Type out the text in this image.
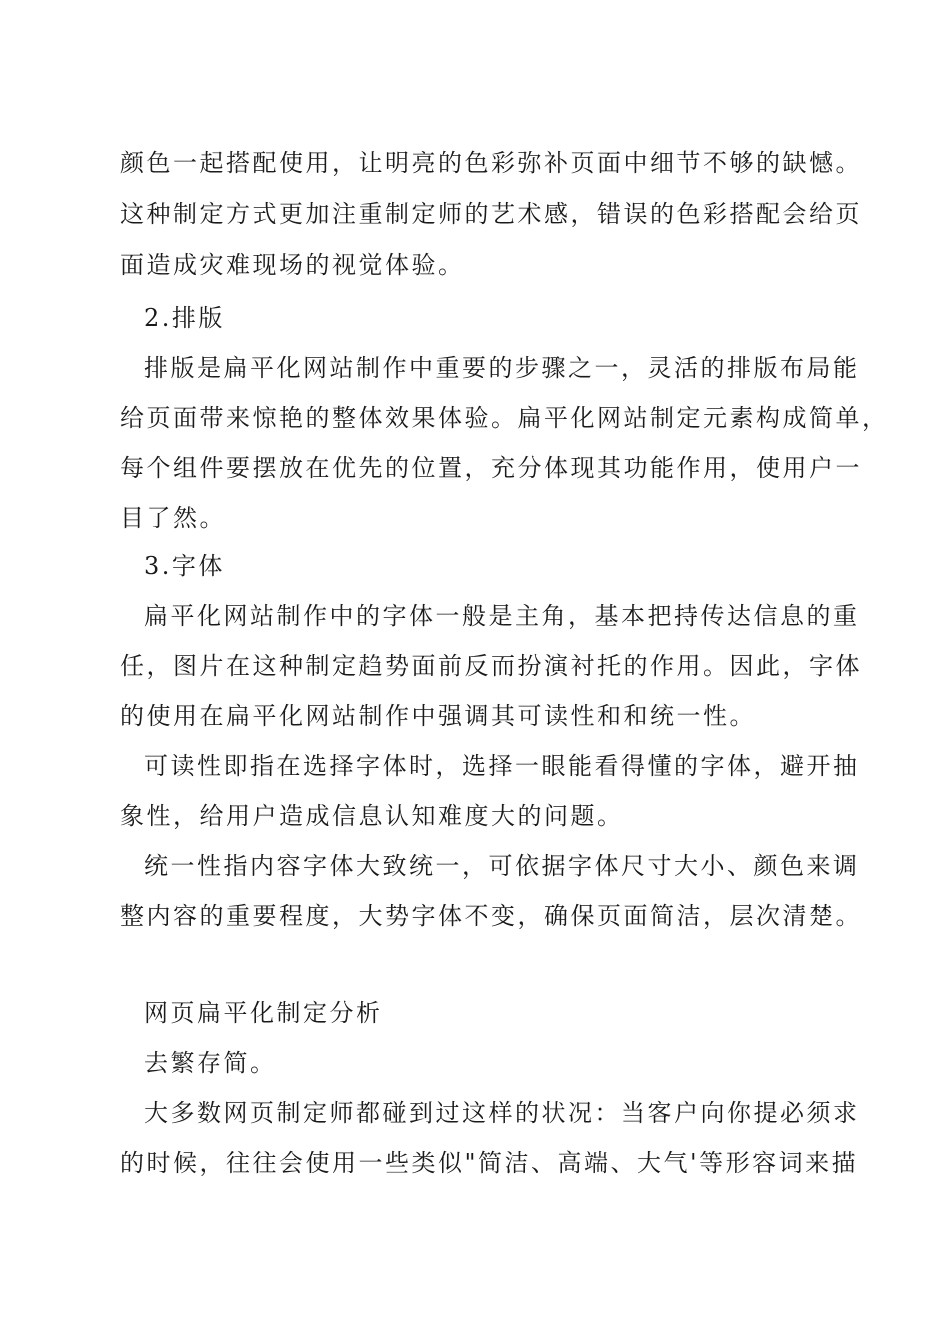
颜色一起搭配使用，让明亮的色彩弥补页面中细节不够的缺憾。
这种制定方式更加注重制定师的艺术感，错误的色彩搭配会给页
面造成灾难现场的视觉体验。
2.排版
排版是扁平化网站制作中重要的步骤之一，灵活的排版布局能
给页面带来惊艳的整体效果体验。扁平化网站制定元素构成简单，
每个组件要摆放在优先的位置，充分体现其功能作用，使用户一
目了然。
3.字体
扁平化网站制作中的字体一般是主角，基本把持传达信息的重
任，图片在这种制定趋势面前反而扮演衬托的作用。因此，字体
的使用在扁平化网站制作中强调其可读性和和统一性。
可读性即指在选择字体时，选择一眼能看得懂的字体，避开抽
象性，给用户造成信息认知难度大的问题。
统一性指内容字体大致统一，可依据字体尺寸大小、颜色来调
整内容的重要程度，大势字体不变，确保页面简洁，层次清楚。
网页扁平化制定分析
去繁存简。
大多数网页制定师都碰到过这样的状况：当客户向你提必须求
的时候，往往会使用一些类似"简洁、高端、大气'等形容词来描
